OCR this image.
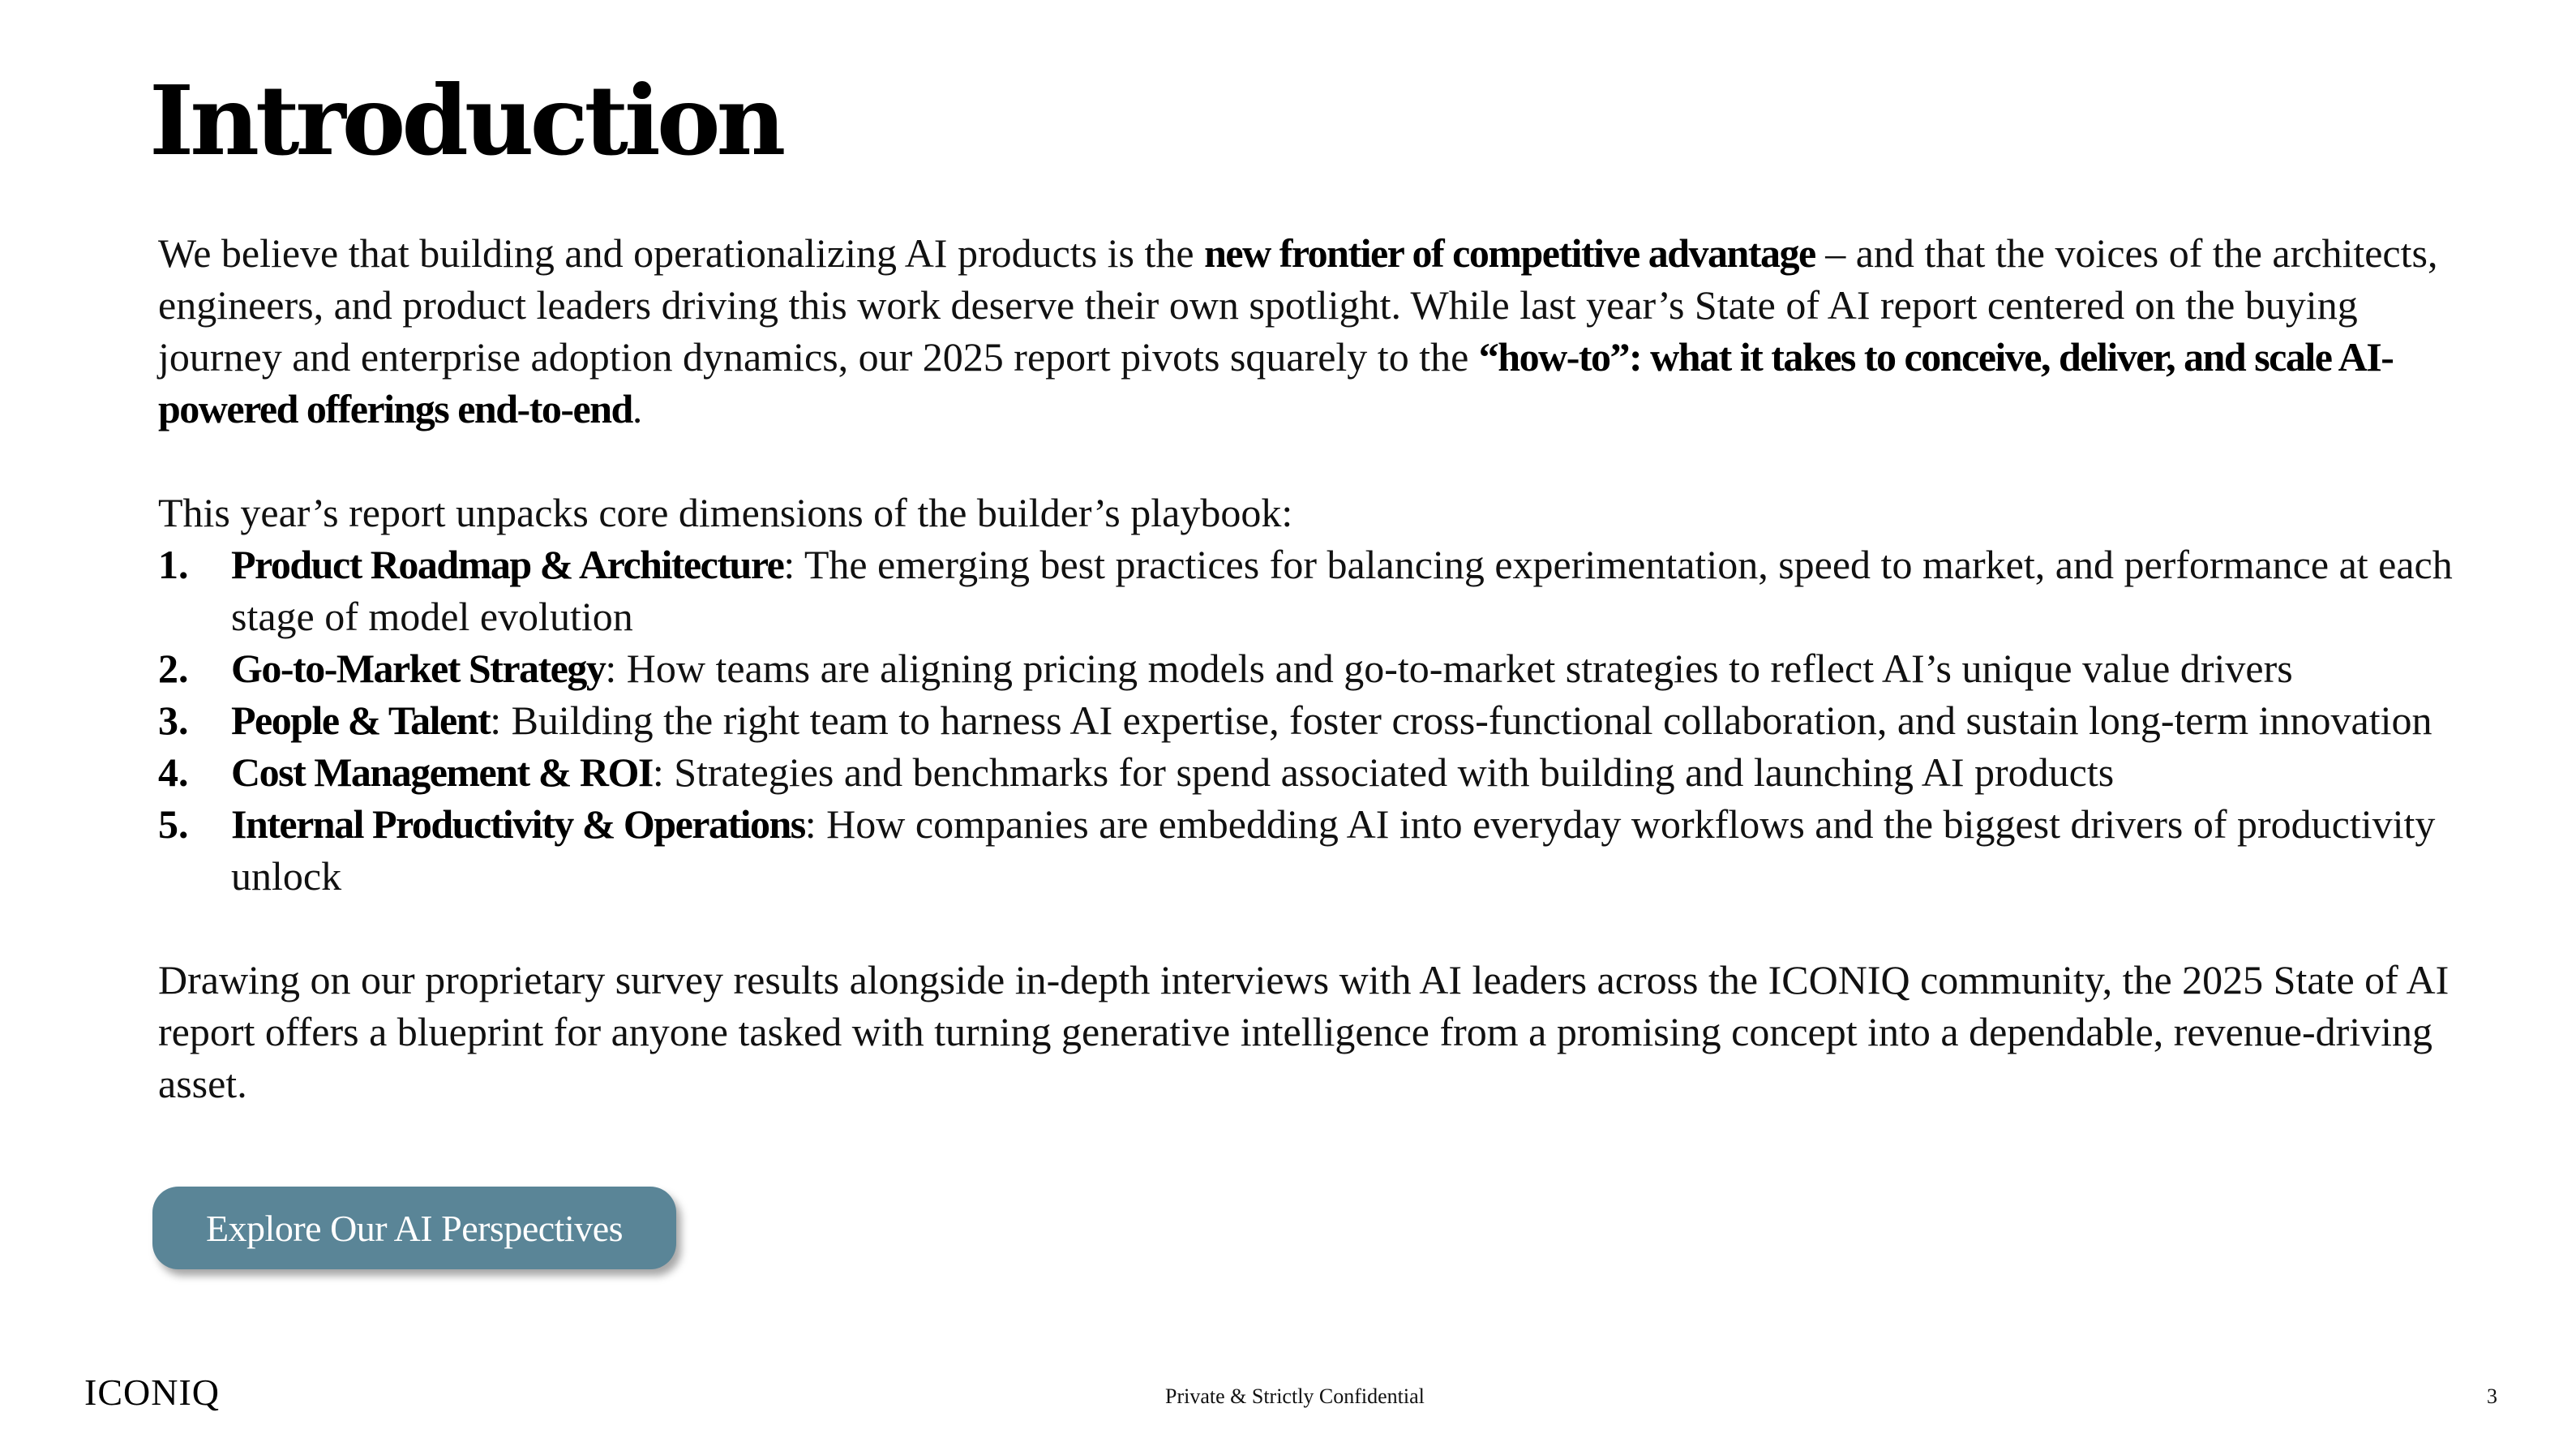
Introduction

We believe that building and operationalizing AI products is the new frontier of competitive advantage – and that the voices of the architects, engineers, and product leaders driving this work deserve their own spotlight. While last year’s State of AI report centered on the buying journey and enterprise adoption dynamics, our 2025 report pivots squarely to the “how-to”: what it takes to conceive, deliver, and scale AI-powered offerings end-to-end.

This year’s report unpacks core dimensions of the builder’s playbook:

1. Product Roadmap & Architecture: The emerging best practices for balancing experimentation, speed to market, and performance at each stage of model evolution
2. Go-to-Market Strategy: How teams are aligning pricing models and go-to-market strategies to reflect AI’s unique value drivers
3. People & Talent: Building the right team to harness AI expertise, foster cross-functional collaboration, and sustain long-term innovation
4. Cost Management & ROI: Strategies and benchmarks for spend associated with building and launching AI products
5. Internal Productivity & Operations: How companies are embedding AI into everyday workflows and the biggest drivers of productivity unlock

Drawing on our proprietary survey results alongside in-depth interviews with AI leaders across the ICONIQ community, the 2025 State of AI report offers a blueprint for anyone tasked with turning generative intelligence from a promising concept into a dependable, revenue-driving asset.

Explore Our AI Perspectives
ICONIQ	Private & Strictly Confidential	3
